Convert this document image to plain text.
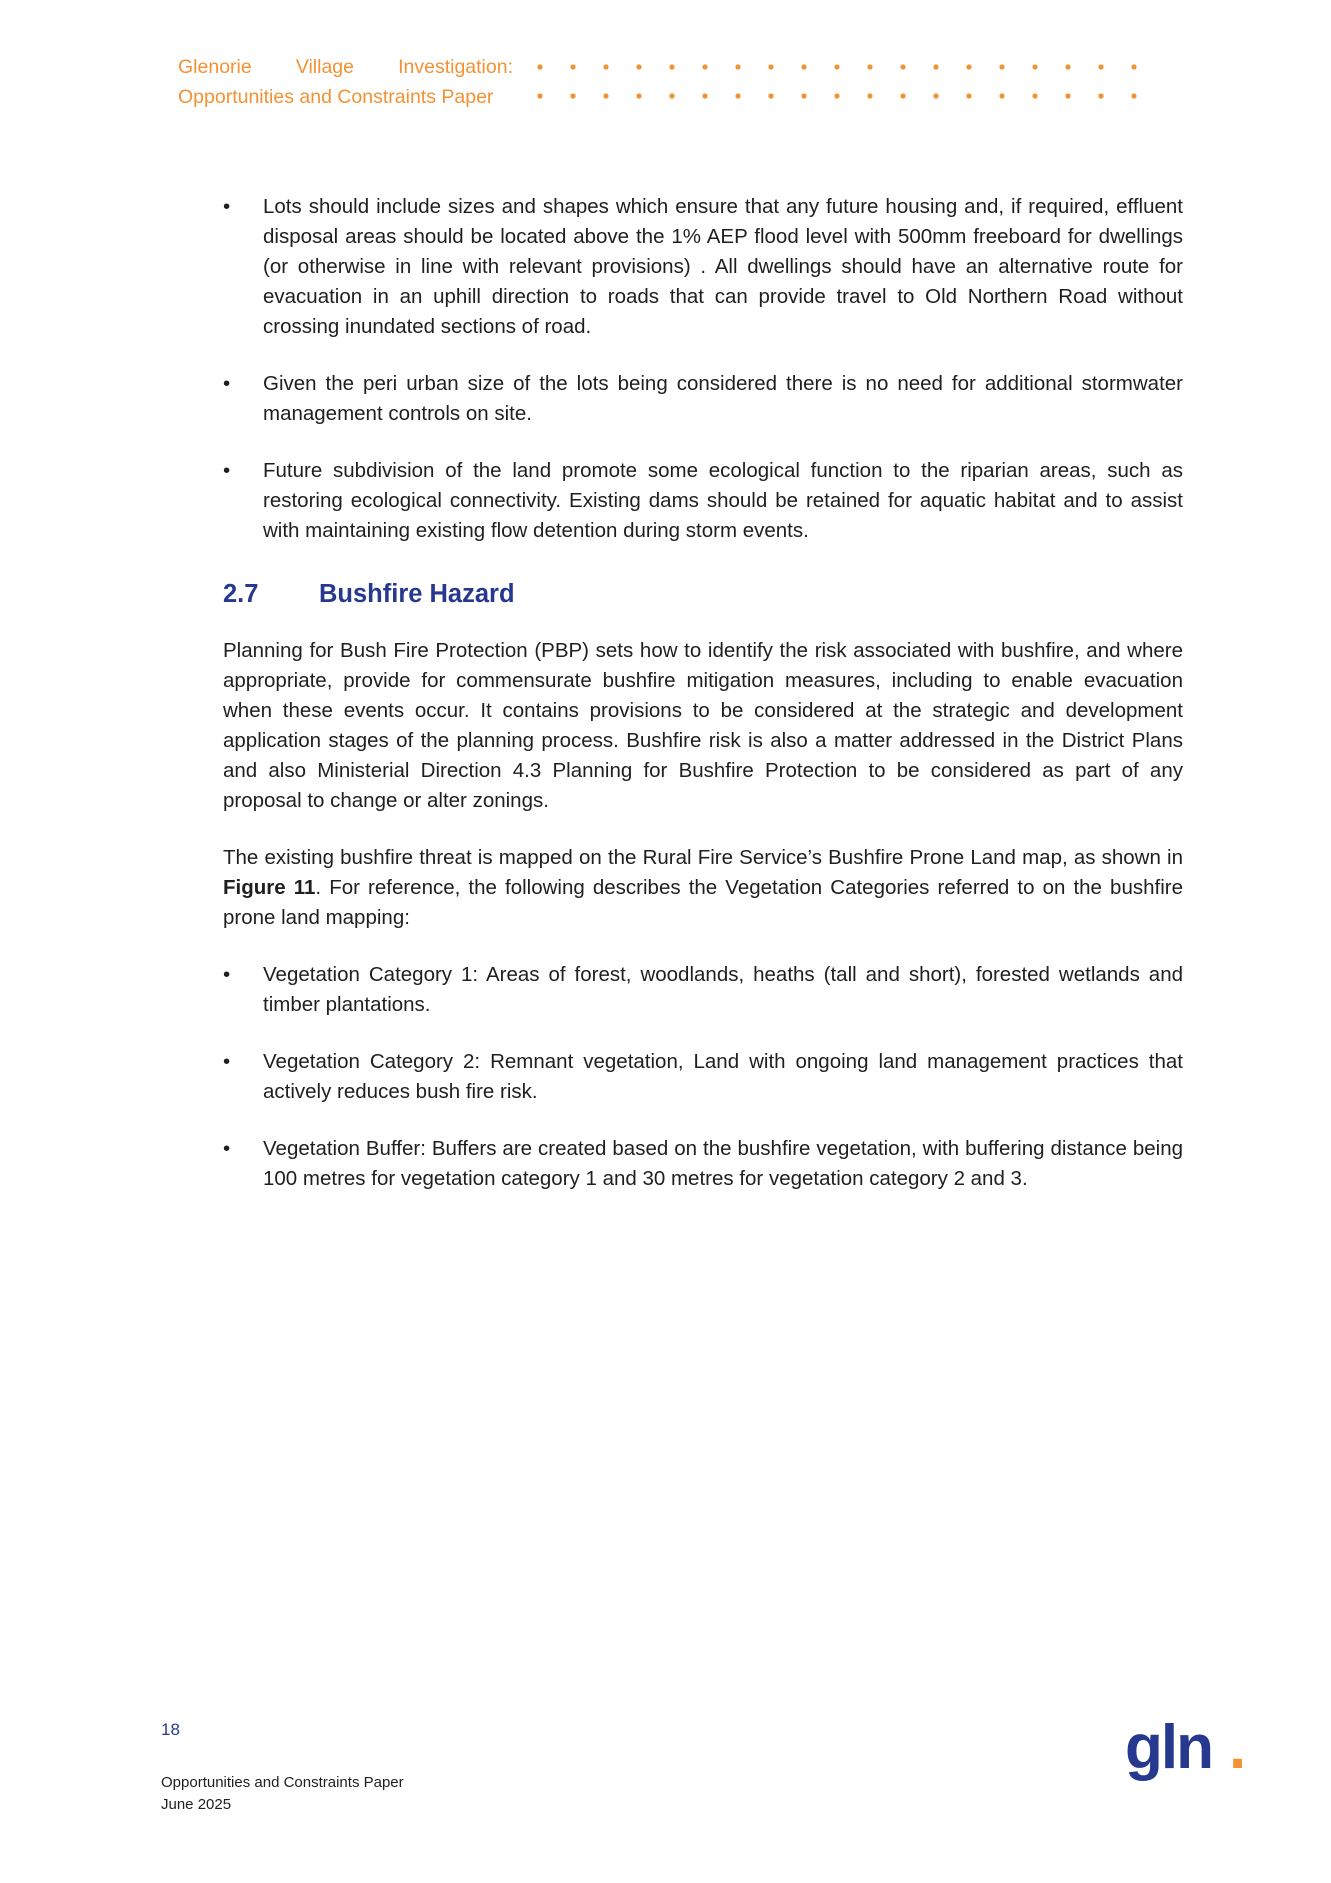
Glenorie Village Investigation:
Opportunities and Constraints Paper
•	Lots should include sizes and shapes which ensure that any future housing and, if required, effluent disposal areas should be located above the 1% AEP flood level with 500mm freeboard for dwellings (or otherwise in line with relevant provisions) . All dwellings should have an alternative route for evacuation in an uphill direction to roads that can provide travel to Old Northern Road without crossing inundated sections of road.
•	Given the peri urban size of the lots being considered there is no need for additional stormwater management controls on site.
•	Future subdivision of the land promote some ecological function to the riparian areas, such as restoring ecological connectivity. Existing dams should be retained for aquatic habitat and to assist with maintaining existing flow detention during storm events.
2.7	Bushfire Hazard

Planning for Bush Fire Protection (PBP) sets how to identify the risk associated with bushfire, and where appropriate, provide for commensurate bushfire mitigation measures, including to enable evacuation when these events occur. It contains provisions to be considered at the strategic and development application stages of the planning process. Bushfire risk is also a matter addressed in the District Plans and also Ministerial Direction 4.3 Planning for Bushfire Protection to be considered as part of any proposal to change or alter zonings.

The existing bushfire threat is mapped on the Rural Fire Service’s Bushfire Prone Land map, as shown in Figure 11. For reference, the following describes the Vegetation Categories referred to on the bushfire prone land mapping:

•	Vegetation Category 1: Areas of forest, woodlands, heaths (tall and short), forested wetlands and timber plantations.
•	Vegetation Category 2: Remnant vegetation, Land with ongoing land management practices that actively reduces bush fire risk.
•	Vegetation Buffer: Buffers are created based on the bushfire vegetation, with buffering distance being 100 metres for vegetation category 1 and 30 metres for vegetation category 2 and 3.
18
Opportunities and Constraints Paper
June 2025
gln .
